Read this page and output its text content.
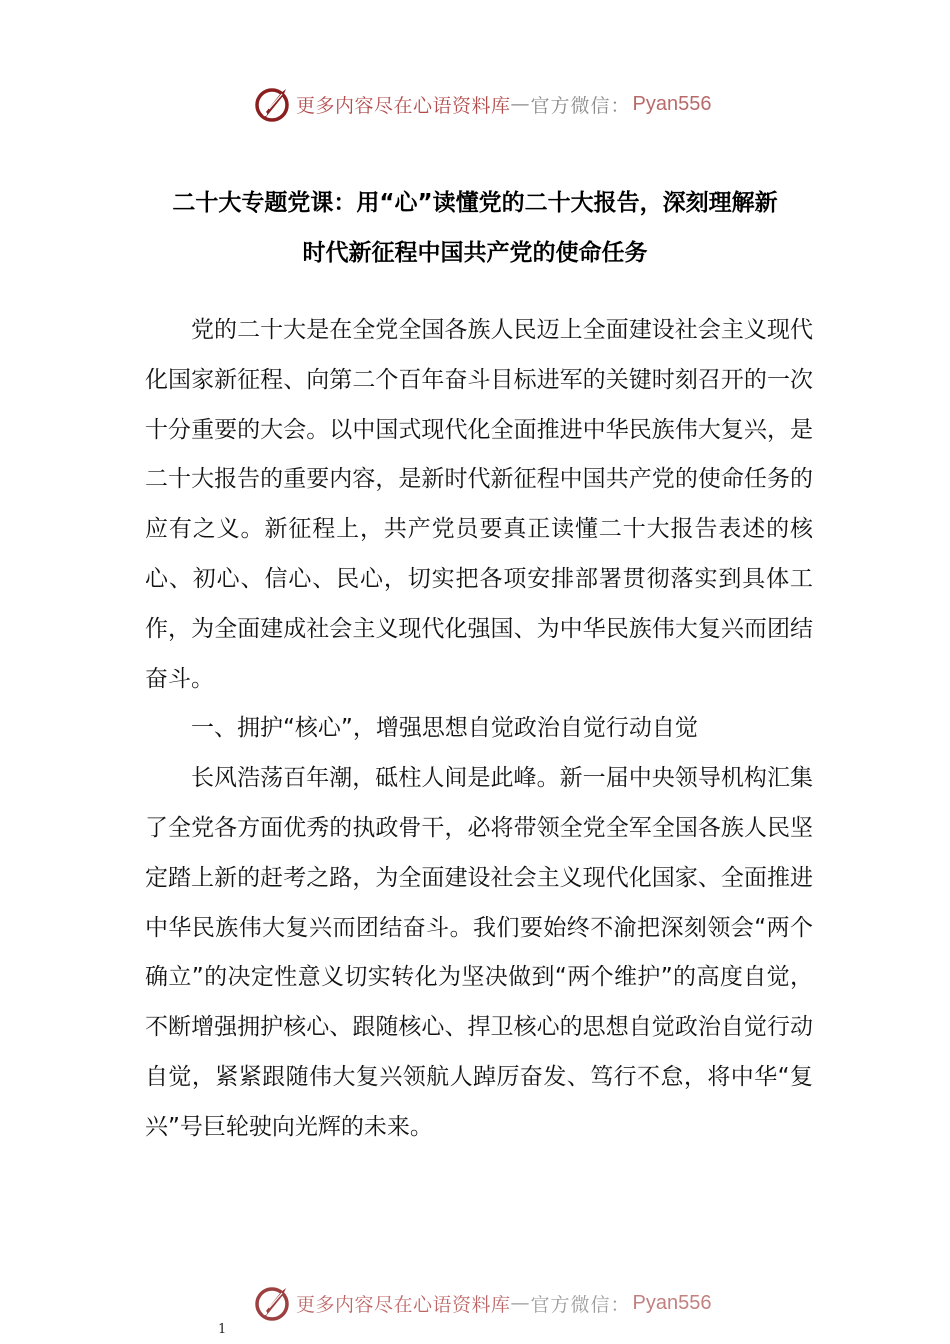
更多内容尽在心语资料库 — 官方微信： Pyan556
二十大专题党课：用“心”读懂党的二十大报告，深刻理解新
时代新征程中国共产党的使命任务

党的二十大是在全党全国各族人民迈上全面建设社会主义现代化国家新征程、向第二个百年奋斗目标进军的关键时刻召开的一次十分重要的大会。以中国式现代化全面推进中华民族伟大复兴，是二十大报告的重要内容，是新时代新征程中国共产党的使命任务的应有之义。新征程上，共产党员要真正读懂二十大报告表述的核心、初心、信心、民心，切实把各项安排部署贯彻落实到具体工作，为全面建成社会主义现代化强国、为中华民族伟大复兴而团结奋斗。

一、拥护“核心”，增强思想自觉政治自觉行动自觉

长风浩荡百年潮，砥柱人间是此峰。新一届中央领导机构汇集了全党各方面优秀的执政骨干，必将带领全党全军全国各族人民坚定踏上新的赶考之路，为全面建设社会主义现代化国家、全面推进中华民族伟大复兴而团结奋斗。我们要始终不渝把深刻领会“两个确立”的决定性意义切实转化为坚决做到“两个维护”的高度自觉，不断增强拥护核心、跟随核心、捍卫核心的思想自觉政治自觉行动自觉，紧紧跟随伟大复兴领航人踔厉奋发、笃行不怠，将中华“复兴”号巨轮驶向光辉的未来。

更多内容尽在心语资料库 — 官方微信： Pyan556
1
